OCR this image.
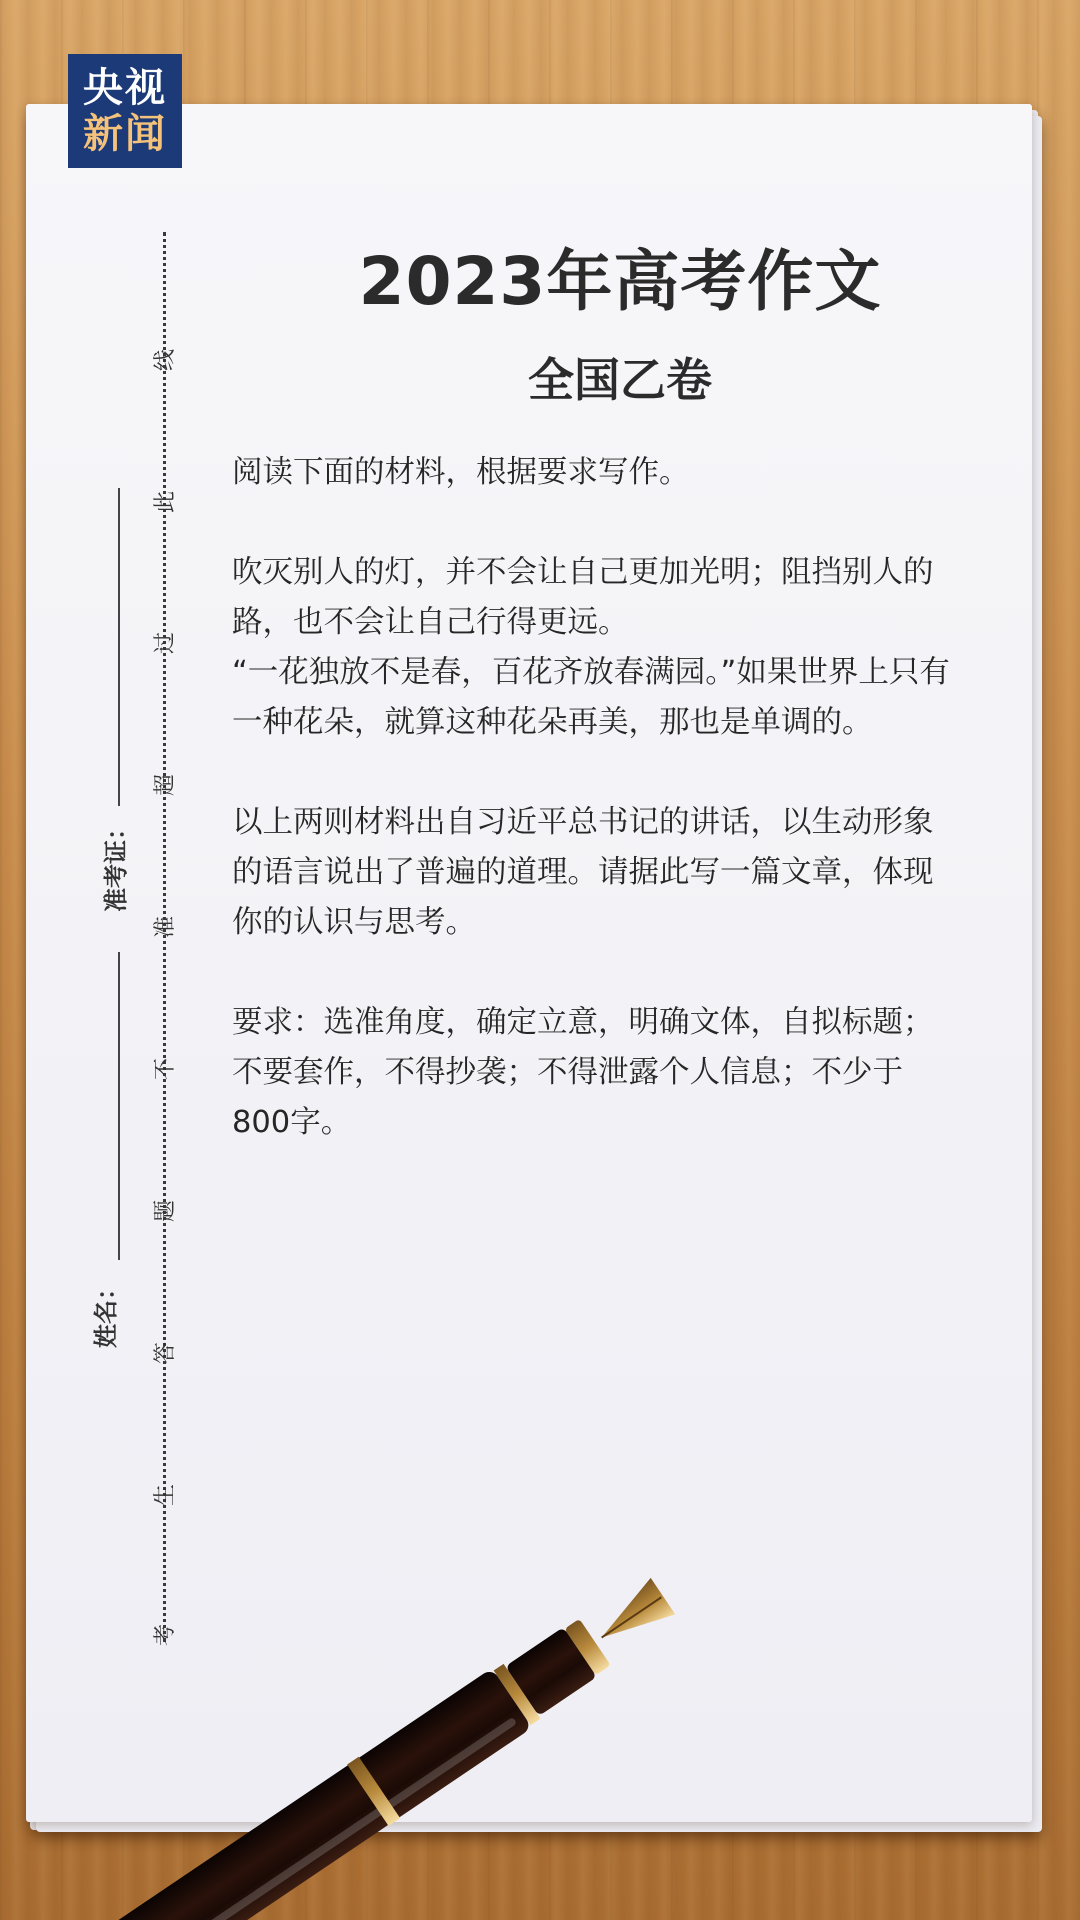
央视
新闻
2023年高考作文
全国乙卷

阅读下面的材料，根据要求写作。

吹灭别人的灯，并不会让自己更加光明；阻挡别人的路，也不会让自己行得更远。

“一花独放不是春，百花齐放春满园。”如果世界上只有一种花朵，就算这种花朵再美，那也是单调的。

以上两则材料出自习近平总书记的讲话，以生动形象的语言说出了普遍的道理。请据此写一篇文章，体现你的认识与思考。

要求：选准角度，确定立意，明确文体，自拟标题；不要套作，不得抄袭；不得泄露个人信息；不少于800字。

线
此
过
超
准
不
题
答
生
考
准考证：
姓名：
